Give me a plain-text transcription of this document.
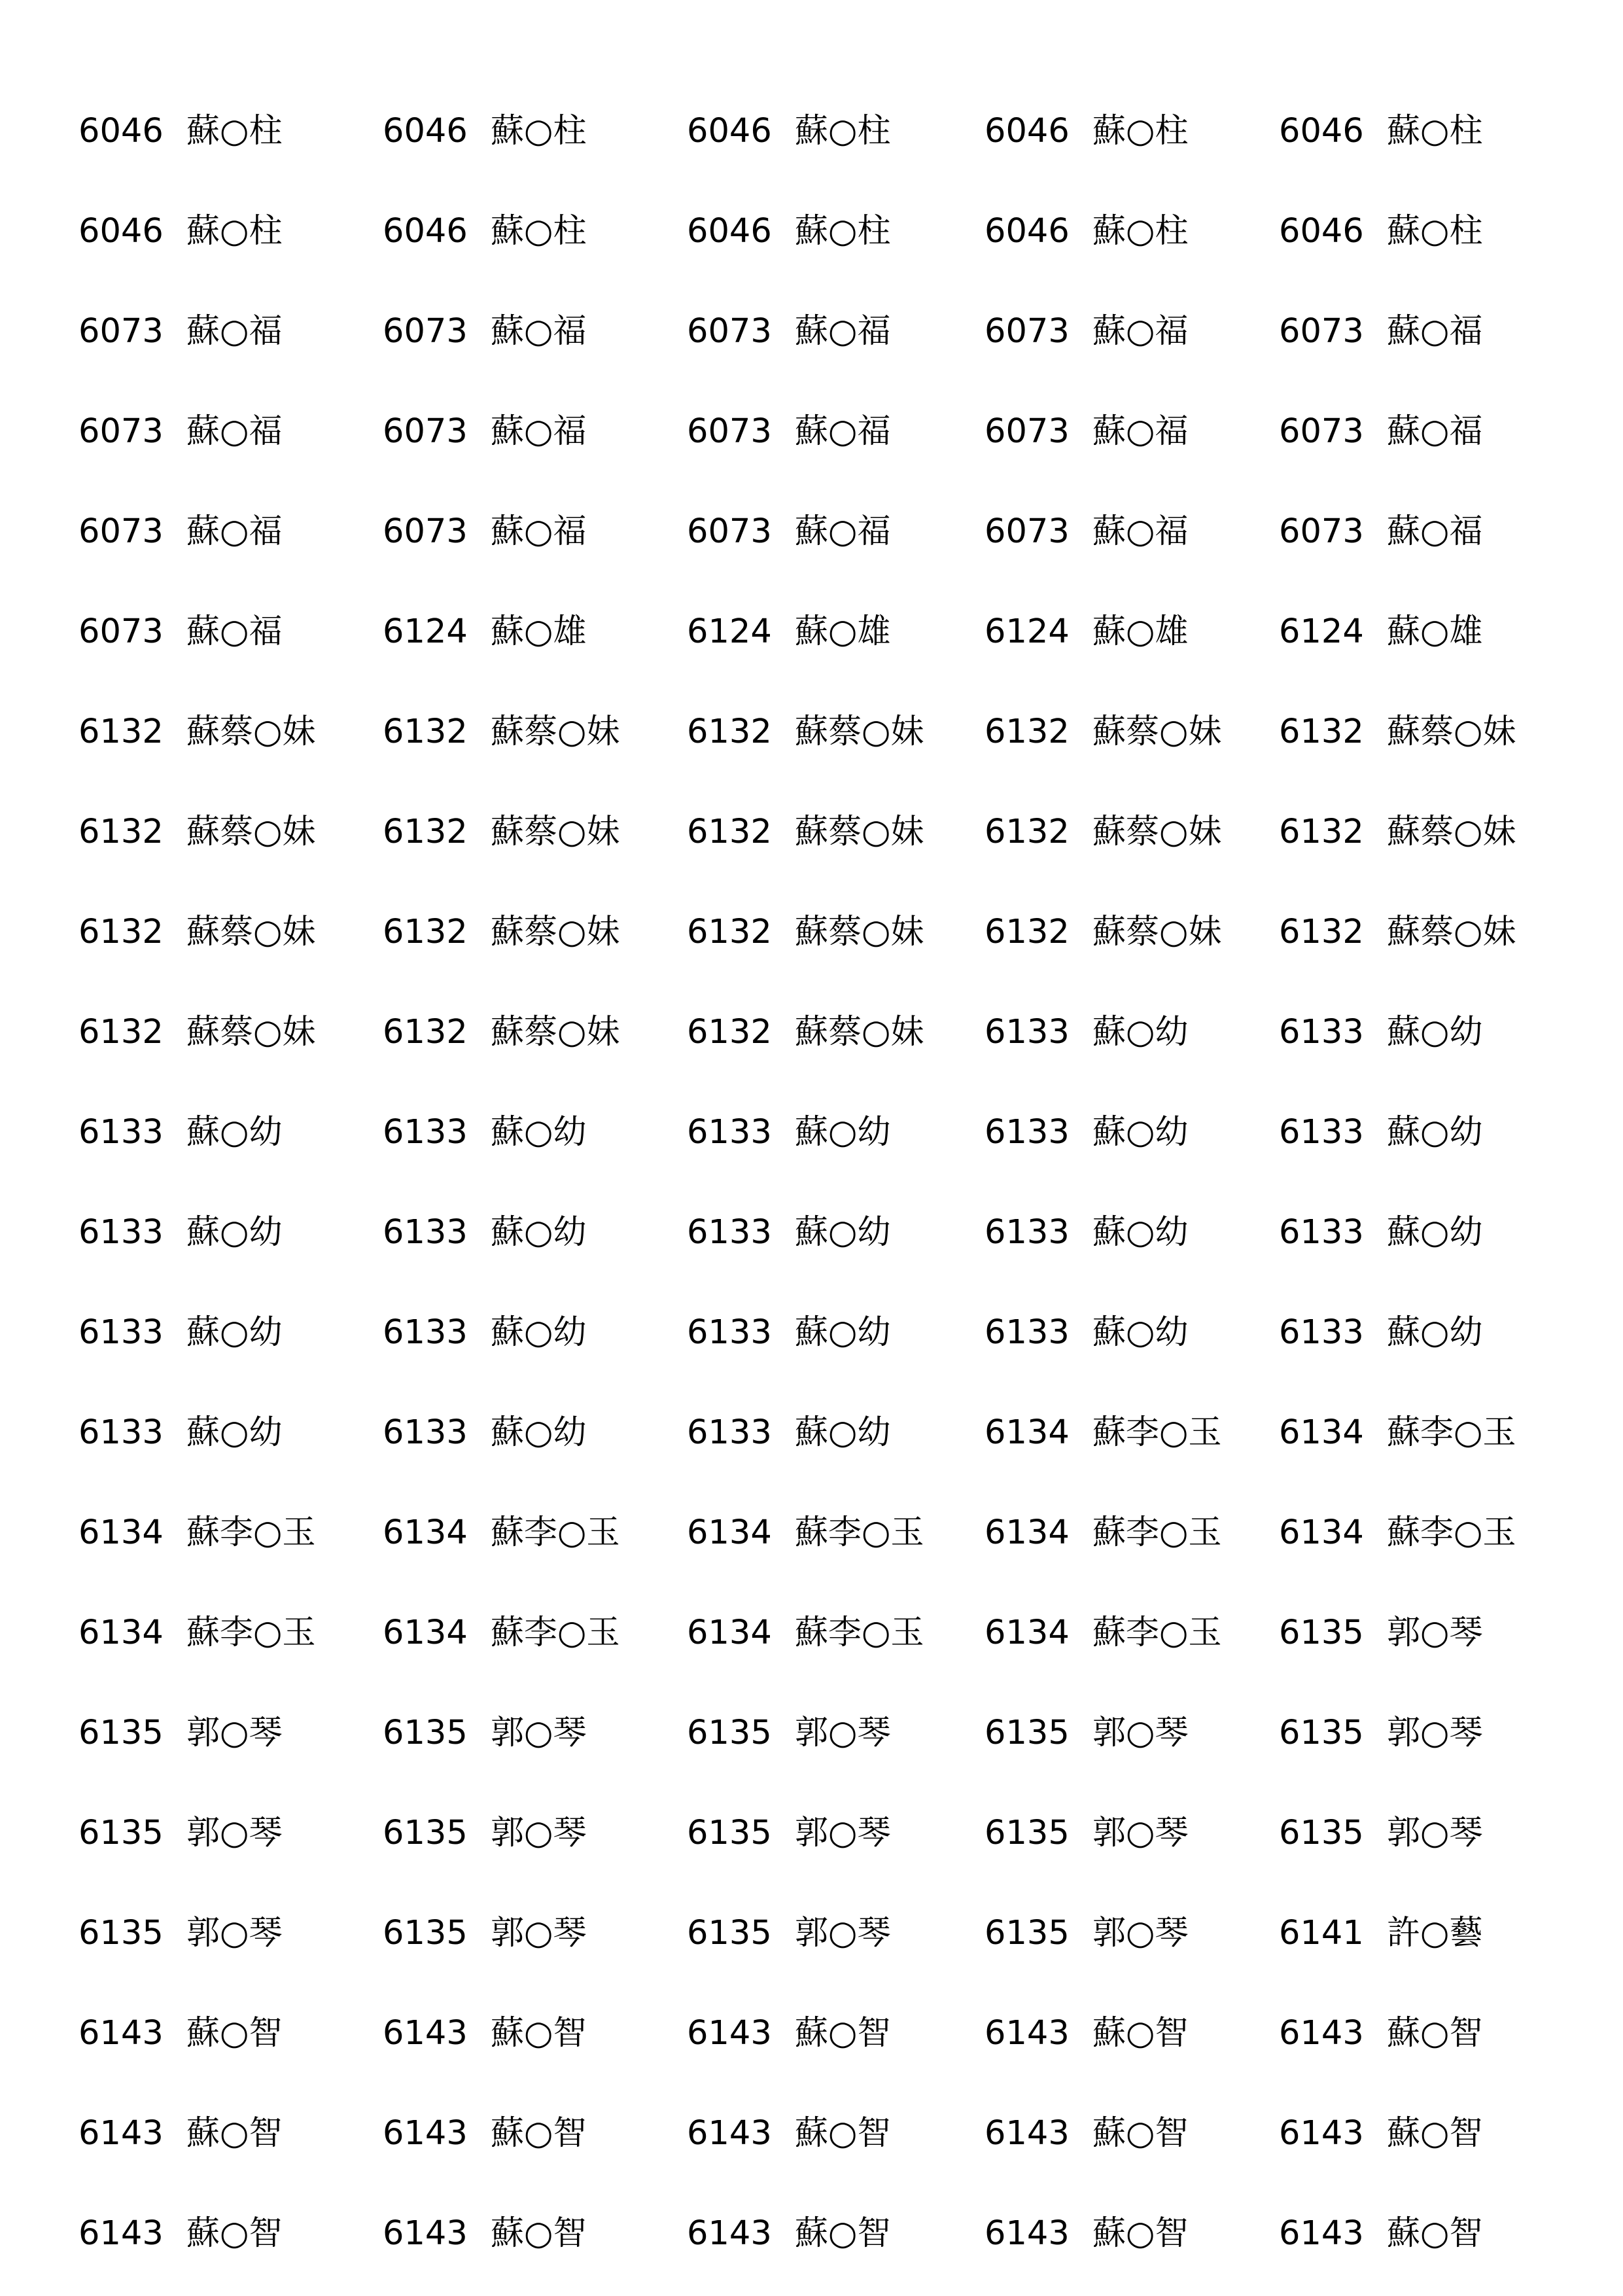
6046 蘇○柱	6046 蘇○柱	6046 蘇○柱	6046 蘇○柱	6046 蘇○柱
6046 蘇○柱	6046 蘇○柱	6046 蘇○柱	6046 蘇○柱	6046 蘇○柱
6073 蘇○福	6073 蘇○福	6073 蘇○福	6073 蘇○福	6073 蘇○福
6073 蘇○福	6073 蘇○福	6073 蘇○福	6073 蘇○福	6073 蘇○福
6073 蘇○福	6073 蘇○福	6073 蘇○福	6073 蘇○福	6073 蘇○福
6073 蘇○福	6124 蘇○雄	6124 蘇○雄	6124 蘇○雄	6124 蘇○雄
6132 蘇蔡○妹 6132 蘇蔡○妹 6132 蘇蔡○妹 6132 蘇蔡○妹 6132 蘇蔡○妹
6132 蘇蔡○妹 6132 蘇蔡○妹 6132 蘇蔡○妹 6132 蘇蔡○妹 6132 蘇蔡○妹
6132 蘇蔡○妹 6132 蘇蔡○妹 6132 蘇蔡○妹 6132 蘇蔡○妹 6132 蘇蔡○妹
6132 蘇蔡○妹 6132 蘇蔡○妹 6132 蘇蔡○妹 6133 蘇○幼	6133 蘇○幼
6133 蘇○幼	6133 蘇○幼	6133 蘇○幼	6133 蘇○幼	6133 蘇○幼
6133 蘇○幼	6133 蘇○幼	6133 蘇○幼	6133 蘇○幼	6133 蘇○幼
6133 蘇○幼	6133 蘇○幼	6133 蘇○幼	6133 蘇○幼	6133 蘇○幼
6133 蘇○幼	6133 蘇○幼	6133 蘇○幼	6134 蘇李○玉 6134 蘇李○玉
6134 蘇李○玉 6134 蘇李○玉 6134 蘇李○玉 6134 蘇李○玉 6134 蘇李○玉
6134 蘇李○玉 6134 蘇李○玉 6134 蘇李○玉 6134 蘇李○玉 6135 郭○琴
6135 郭○琴	6135 郭○琴	6135 郭○琴	6135 郭○琴	6135 郭○琴
6135 郭○琴	6135 郭○琴	6135 郭○琴	6135 郭○琴	6135 郭○琴
6135 郭○琴	6135 郭○琴	6135 郭○琴	6135 郭○琴	6141 許○藝
6143 蘇○智	6143 蘇○智	6143 蘇○智	6143 蘇○智	6143 蘇○智
6143 蘇○智	6143 蘇○智	6143 蘇○智	6143 蘇○智	6143 蘇○智
6143 蘇○智	6143 蘇○智	6143 蘇○智	6143 蘇○智	6143 蘇○智
